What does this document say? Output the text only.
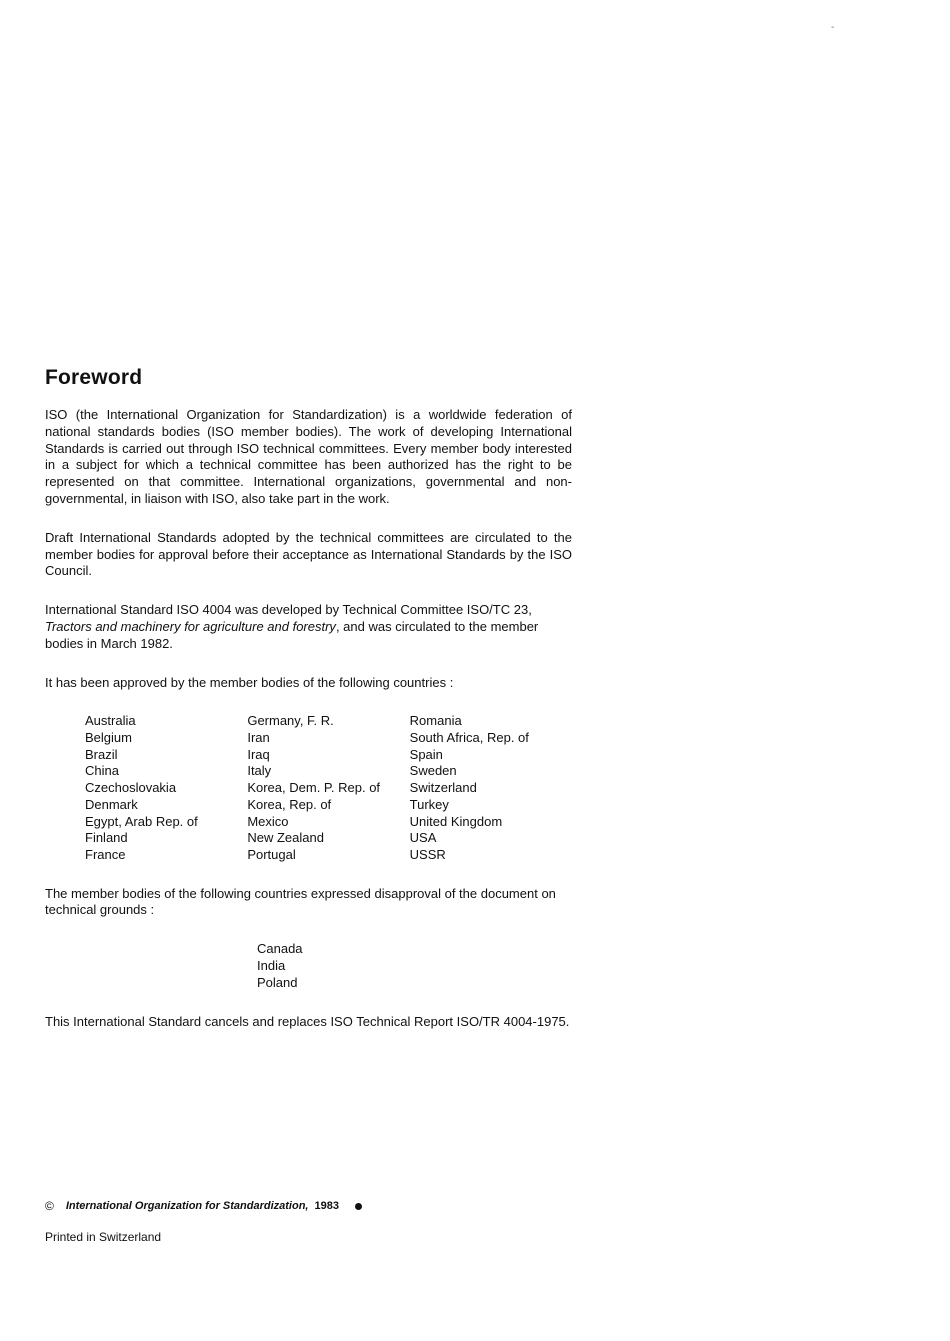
-
Foreword

ISO (the International Organization for Standardization) is a worldwide federation of national standards bodies (ISO member bodies). The work of developing International Standards is carried out through ISO technical committees. Every member body interested in a subject for which a technical committee has been authorized has the right to be represented on that committee. International organizations, governmental and non-governmental, in liaison with ISO, also take part in the work.

Draft International Standards adopted by the technical committees are circulated to the member bodies for approval before their acceptance as International Standards by the ISO Council.

International Standard ISO 4004 was developed by Technical Committee ISO/TC 23, Tractors and machinery for agriculture and forestry, and was circulated to the member bodies in March 1982.

It has been approved by the member bodies of the following countries :

Australia
Belgium
Brazil
China
Czechoslovakia
Denmark
Egypt, Arab Rep. of
Finland
France
Germany, F. R.
Iran
Iraq
Italy
Korea, Dem. P. Rep. of
Korea, Rep. of
Mexico
New Zealand
Portugal
Romania
South Africa, Rep. of
Spain
Sweden
Switzerland
Turkey
United Kingdom
USA
USSR

The member bodies of the following countries expressed disapproval of the document on technical grounds :

Canada
India
Poland

This International Standard cancels and replaces ISO Technical Report ISO/TR 4004-1975.

© International Organization for Standardization, 1983
Printed in Switzerland
